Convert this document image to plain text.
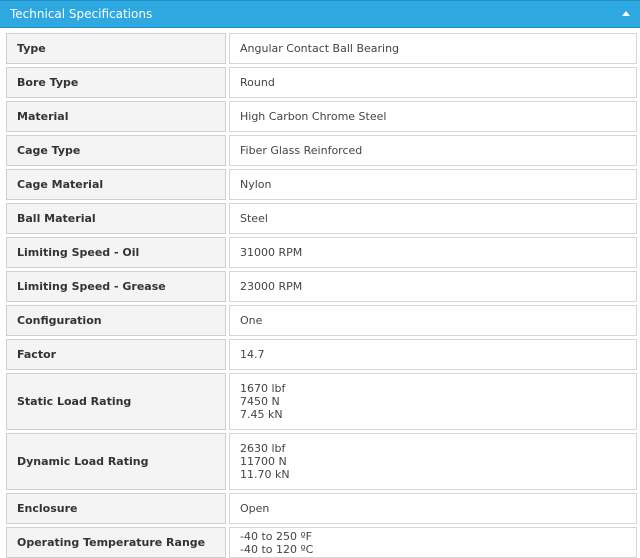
Technical Specifications
Type	Angular Contact Ball Bearing
Bore Type	Round
Material	High Carbon Chrome Steel
Cage Type	Fiber Glass Reinforced
Cage Material	Nylon
Ball Material	Steel
Limiting Speed - Oil	31000 RPM
Limiting Speed - Grease	23000 RPM
Configuration	One
Factor	14.7
Static Load Rating	1670 lbf
7450 N
7.45 kN

Dynamic Load Rating	2630 lbf
11700 N
11.70 kN

Enclosure	Open
Operating Temperature Range	-40 to 250 ºF
-40 to 120 ºC
